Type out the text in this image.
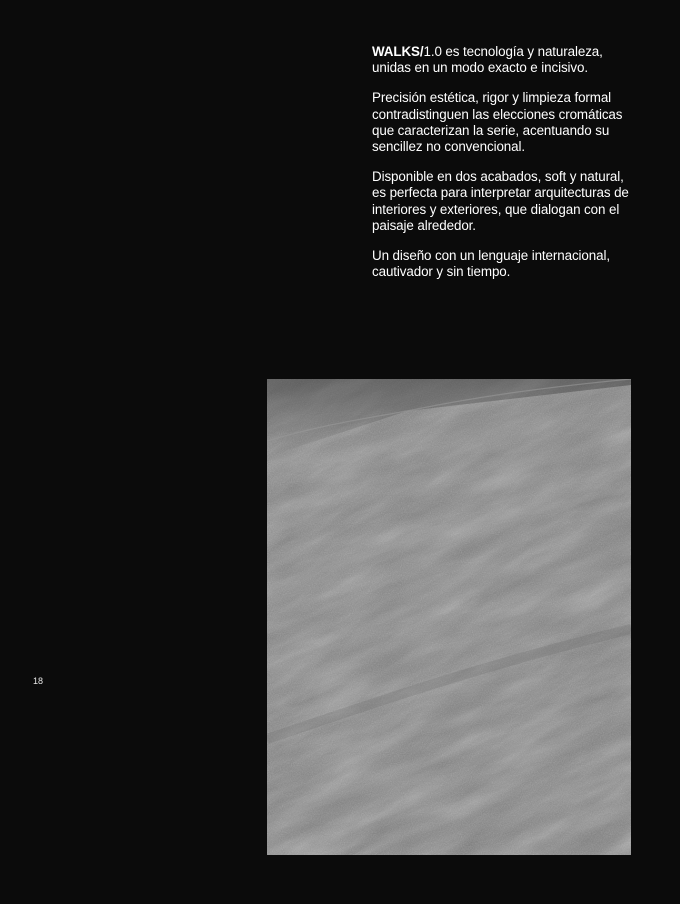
WALKS/1.0 es tecnología y naturaleza, unidas en un modo exacto e incisivo.

Precisión estética, rigor y limpieza formal contradistinguen las elecciones cromáticas que caracterizan la serie, acentuando su sencillez no convencional.

Disponible en dos acabados, soft y natural, es perfecta para interpretar arquitecturas de interiores y exteriores, que dialogan con el paisaje alrededor.

Un diseño con un lenguaje internacional, cautivador y sin tiempo.

18
